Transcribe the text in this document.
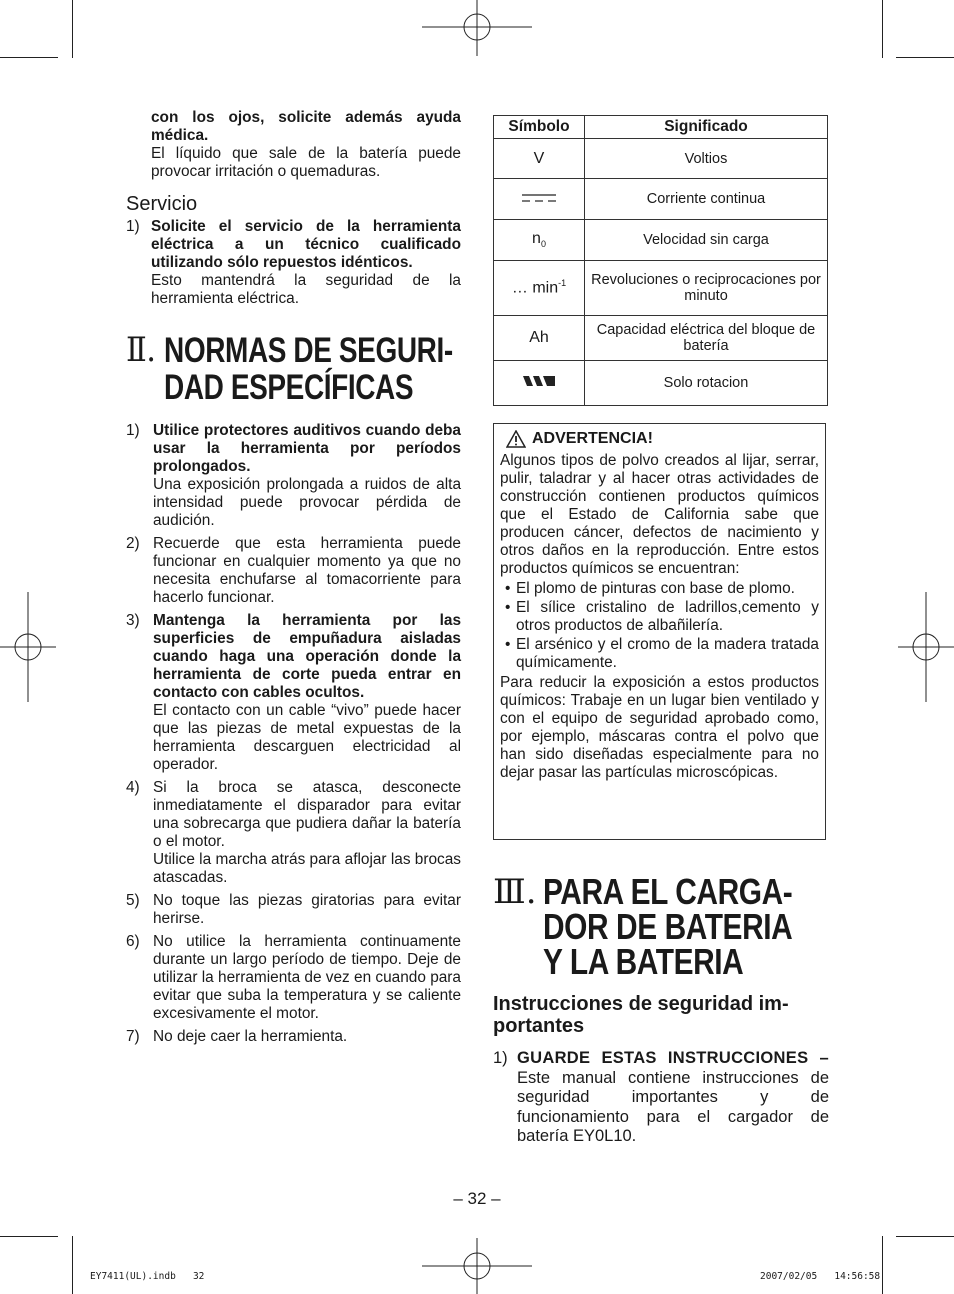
con los ojos, solicite además ayuda médica.

El líquido que sale de la batería puede provocar irritación o quemaduras.

Servicio
1) Solicite el servicio de la herramienta eléctrica a un técnico cualificado utilizando sólo repuestos idénticos.

Esto mantendrá la seguridad de la herramienta eléctrica.

Ⅱ. NORMAS DE SEGURI-
DAD ESPECÍFICAS
1) Utilice protectores auditivos cuando deba usar la herramienta por períodos prolongados.

Una exposición prolongada a ruidos de alta intensidad puede provocar pérdida de audición.

2) Recuerde que esta herramienta puede funcionar en cualquier momento ya que no necesita enchufarse al tomacorriente para hacerlo funcionar.

3) Mantenga la herramienta por las superficies de empuñadura aisladas cuando haga una operación donde la herramienta de corte pueda entrar en contacto con cables ocultos.

El contacto con un cable “vivo” puede hacer que las piezas de metal expuestas de la herramienta descarguen electricidad al operador.

4) Si la broca se atasca, desconecte inmediatamente el disparador para evitar una sobrecarga que pudiera dañar la batería o el motor.

Utilice la marcha atrás para aflojar las brocas atascadas.

5) No toque las piezas giratorias para evitar herirse.

6) No utilice la herramienta continuamente durante un largo período de tiempo. Deje de utilizar la herramienta de vez en cuando para evitar que suba la temperatura y se caliente excesivamente el motor.

7) No deje caer la herramienta.

Símbolo	Significado
V	Voltios
	Corriente continua
$n_0$	Velocidad sin carga
… $\min^{-1}$	Revoluciones o reciprocaciones por minuto
Ah	Capacidad eléctrica del bloque de batería
	Solo rotacion
ADVERTENCIA!

Algunos tipos de polvo creados al lijar, serrar, pulir, taladrar y al hacer otras actividades de construcción contienen productos químicos que el Estado de California sabe que producen cáncer, defectos de nacimiento y otros daños en la reproducción. Entre estos productos químicos se encuentran:

• El plomo de pinturas con base de plomo.
• El sílice cristalino de ladrillos,cemento y otros productos de albañilería.
• El arsénico y el cromo de la madera tratada químicamente.

Para reducir la exposición a estos productos químicos: Trabaje en un lugar bien ventilado y con el equipo de seguridad aprobado como, por ejemplo, máscaras contra el polvo que han sido diseñadas especialmente para no dejar pasar las partículas microscópicas.

Ⅲ. PARA EL CARGA-
DOR DE BATERIA
Y LA BATERIA
Instrucciones de seguridad im-
portantes
1) GUARDE ESTAS INSTRUCCIONES – Este manual contiene instrucciones de seguridad importantes y de funcionamiento para el cargador de batería EY0L10.

– 32 –
EY7411(UL).indb   32	2007/02/05   14:56:58
